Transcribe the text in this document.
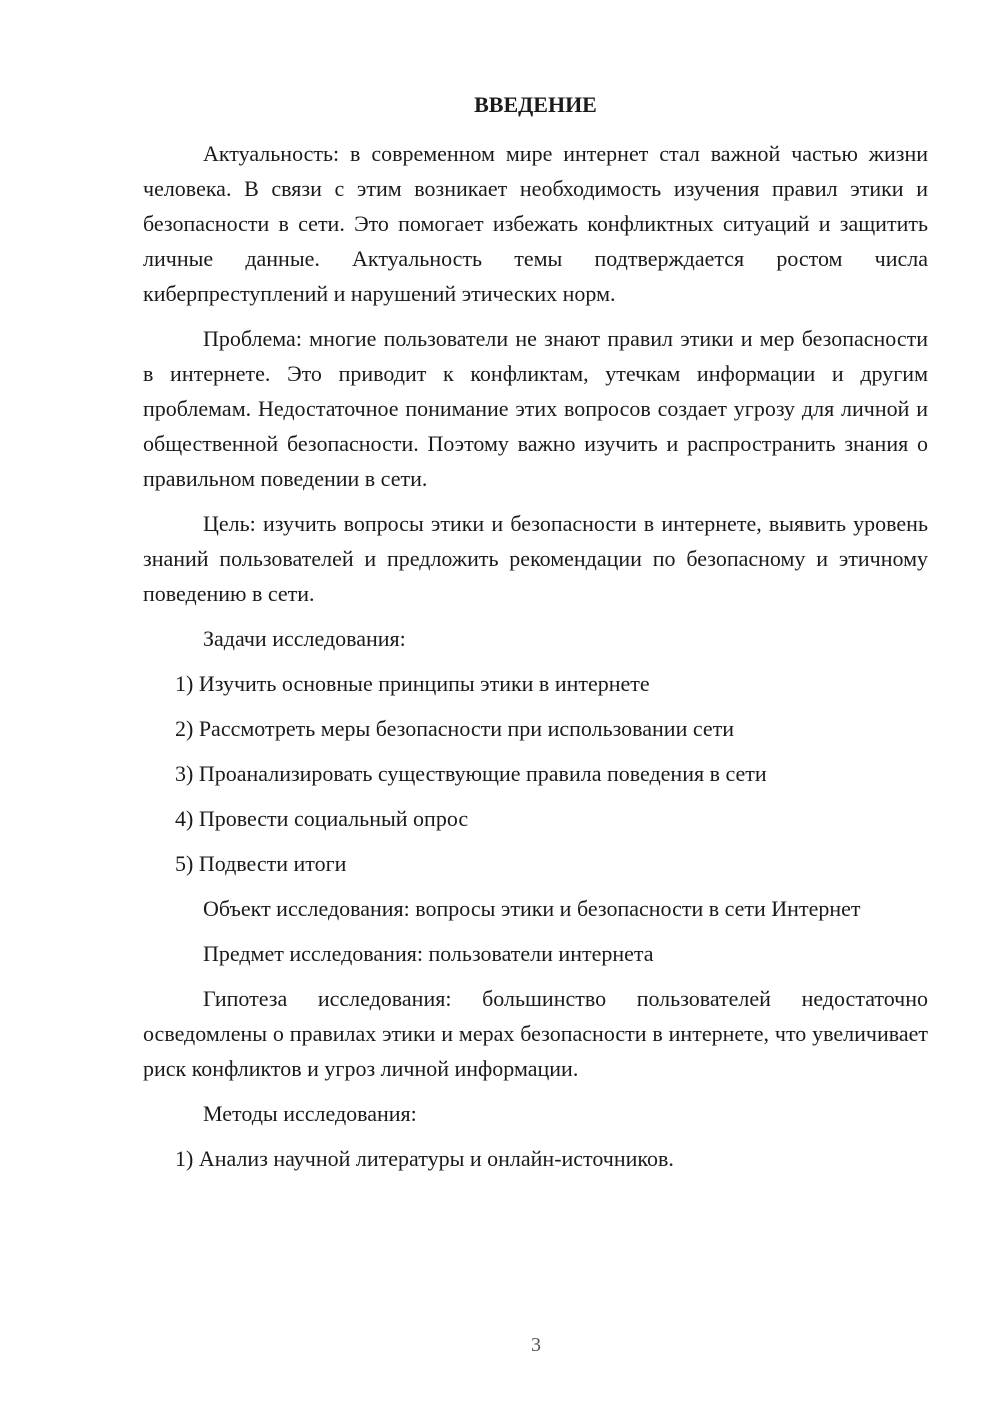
ВВЕДЕНИЕ

Актуальность: в современном мире интернет стал важной частью жизни человека. В связи с этим возникает необходимость изучения правил этики и безопасности в сети. Это помогает избежать конфликтных ситуаций и защитить личные данные. Актуальность темы подтверждается ростом числа киберпреступлений и нарушений этических норм.

Проблема: многие пользователи не знают правил этики и мер безопасности в интернете. Это приводит к конфликтам, утечкам информации и другим проблемам. Недостаточное понимание этих вопросов создает угрозу для личной и общественной безопасности. Поэтому важно изучить и распространить знания о правильном поведении в сети.

Цель: изучить вопросы этики и безопасности в интернете, выявить уровень знаний пользователей и предложить рекомендации по безопасному и этичному поведению в сети.

Задачи исследования:
1) Изучить основные принципы этики в интернете
2) Рассмотреть меры безопасности при использовании сети
3) Проанализировать существующие правила поведения в сети
4) Провести социальный опрос
5) Подвести итоги

Объект исследования: вопросы этики и безопасности в сети Интернет

Предмет исследования: пользователи интернета

Гипотеза исследования: большинство пользователей недостаточно осведомлены о правилах этики и мерах безопасности в интернете, что увеличивает риск конфликтов и угроз личной информации.

Методы исследования:
1) Анализ научной литературы и онлайн-источников.
3
